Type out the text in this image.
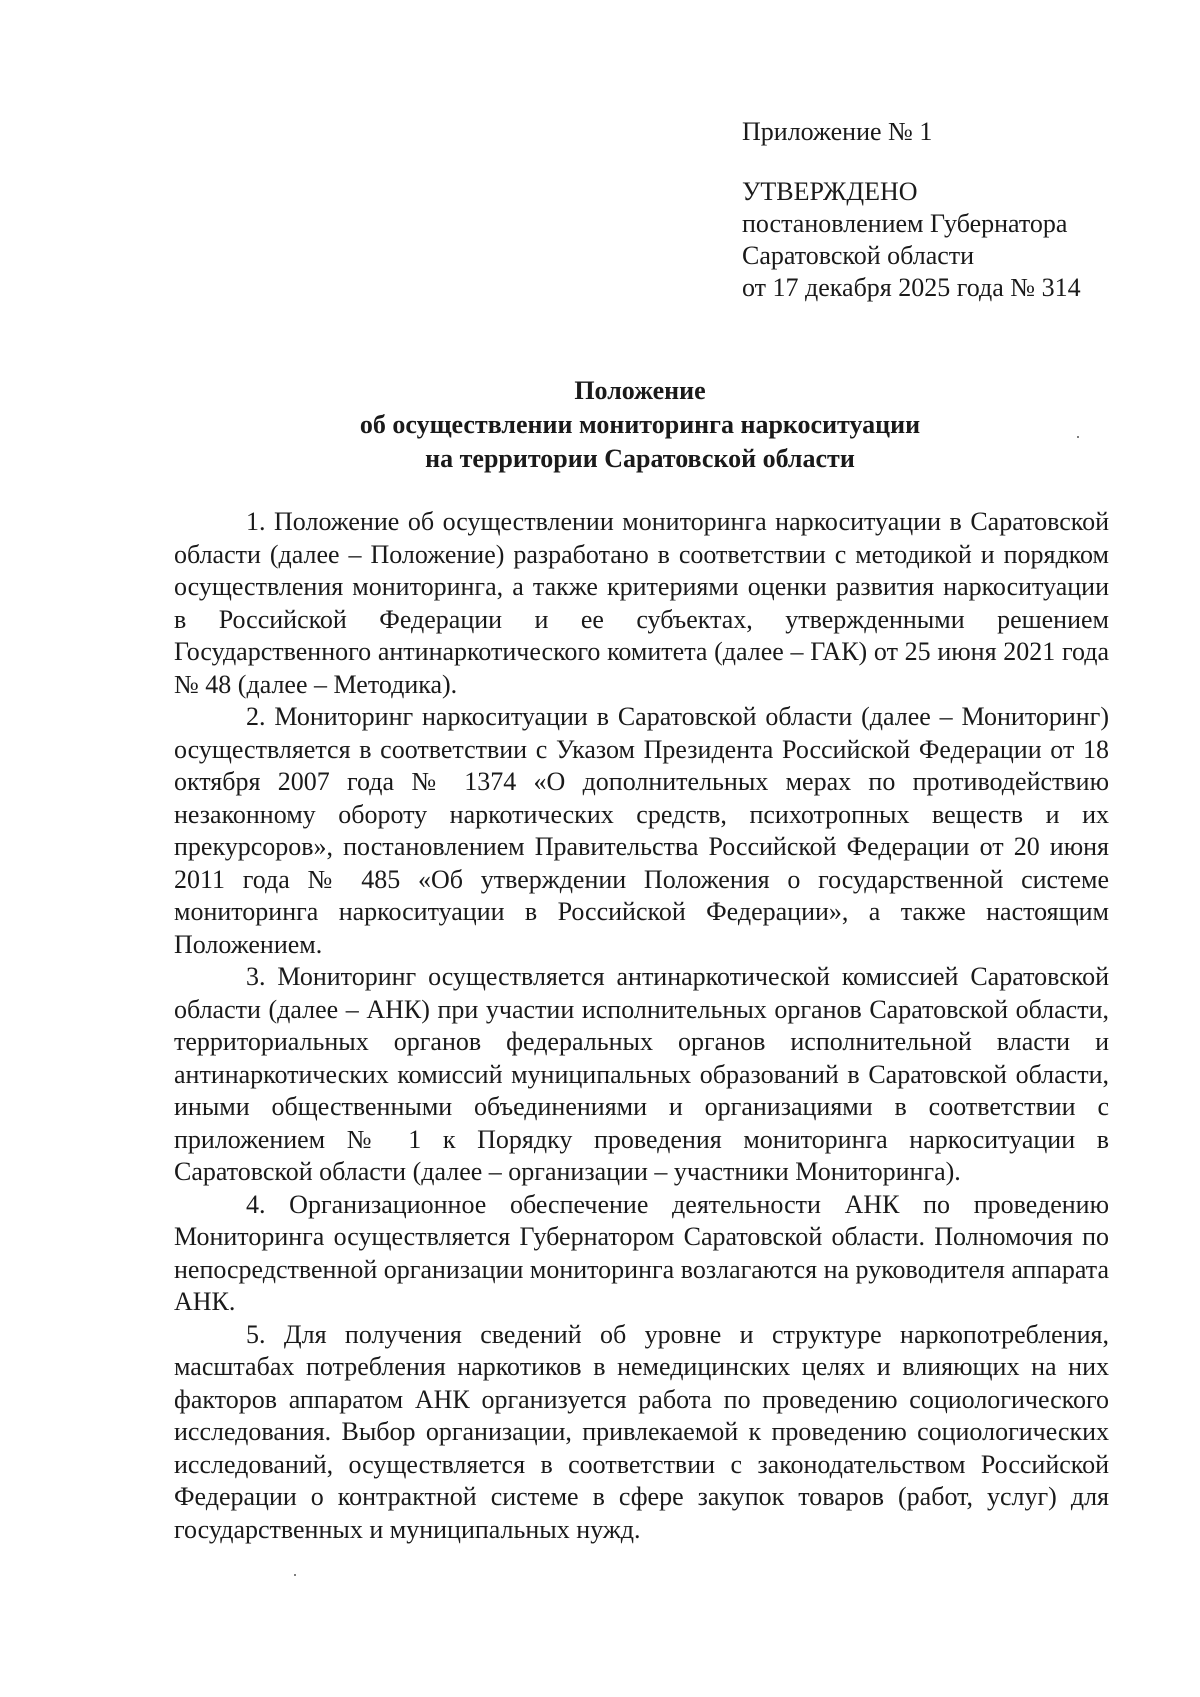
Приложение № 1
УТВЕРЖДЕНО
постановлением Губернатора
Саратовской области
от 17 декабря 2025 года № 314
Положение
об осуществлении мониторинга наркоситуации
на территории Саратовской области

1. Положение об осуществлении мониторинга наркоситуации в Саратовской области (далее – Положение) разработано в соответствии с методикой и порядком осуществления мониторинга, а также критериями оценки развития наркоситуации в Российской Федерации и ее субъектах, утвержденными решением Государственного антинаркотического комитета (далее – ГАК) от 25 июня 2021 года № 48 (далее – Методика).

2. Мониторинг наркоситуации в Саратовской области (далее – Мониторинг) осуществляется в соответствии с Указом Президента Российской Федерации от 18 октября 2007 года № 1374 «О дополнительных мерах по противодействию незаконному обороту наркотических средств, психотропных веществ и их прекурсоров», постановлением Правительства Российской Федерации от 20 июня 2011 года № 485 «Об утверждении Положения о государственной системе мониторинга наркоситуации в Российской Федерации», а также настоящим Положением.

3. Мониторинг осуществляется антинаркотической комиссией Саратовской области (далее – АНК) при участии исполнительных органов Саратовской области, территориальных органов федеральных органов исполнительной власти и антинаркотических комиссий муниципальных образований в Саратовской области, иными общественными объединениями и организациями в соответствии с приложением № 1 к Порядку проведения мониторинга наркоситуации в Саратовской области (далее – организации – участники Мониторинга).

4. Организационное обеспечение деятельности АНК по проведению Мониторинга осуществляется Губернатором Саратовской области. Полномочия по непосредственной организации мониторинга возлагаются на руководителя аппарата АНК.

5. Для получения сведений об уровне и структуре наркопотребления, масштабах потребления наркотиков в немедицинских целях и влияющих на них факторов аппаратом АНК организуется работа по проведению социологического исследования. Выбор организации, привлекаемой к проведению социологических исследований, осуществляется в соответствии с законодательством Российской Федерации о контрактной системе в сфере закупок товаров (работ, услуг) для государственных и муниципальных нужд.
